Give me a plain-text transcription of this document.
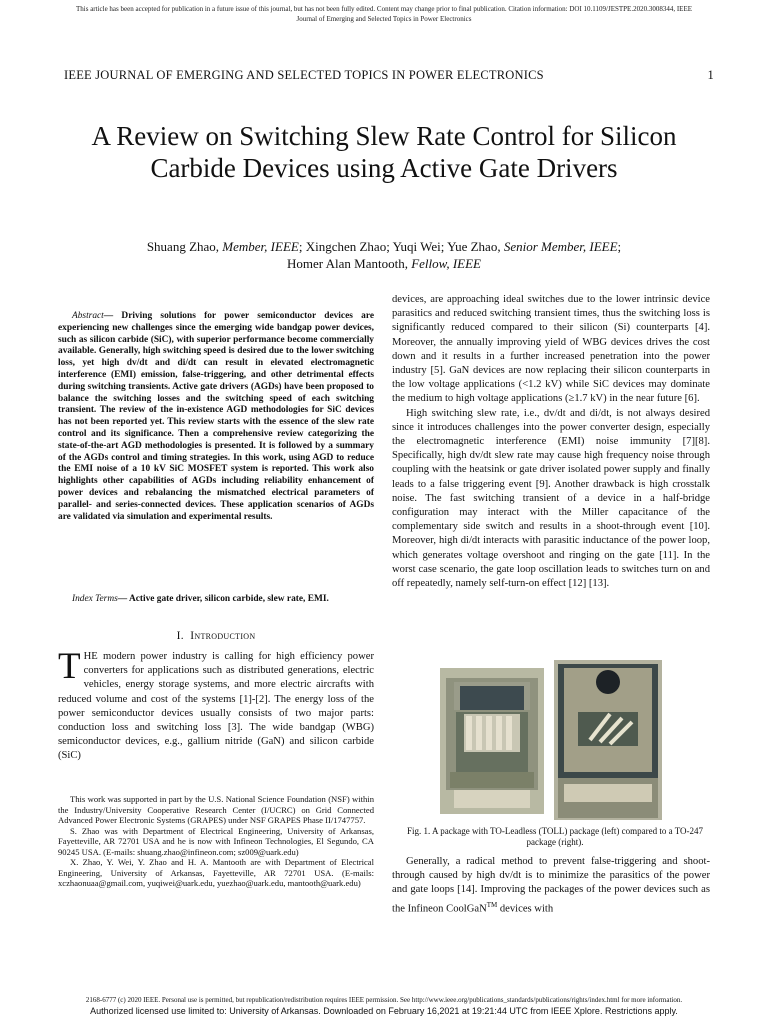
This article has been accepted for publication in a future issue of this journal, but has not been fully edited. Content may change prior to final publication. Citation information: DOI 10.1109/JESTPE.2020.3008344, IEEE
Journal of Emerging and Selected Topics in Power Electronics
IEEE JOURNAL OF EMERGING AND SELECTED TOPICS IN POWER ELECTRONICS	1
A Review on Switching Slew Rate Control for Silicon Carbide Devices using Active Gate Drivers
Shuang Zhao, Member, IEEE; Xingchen Zhao; Yuqi Wei; Yue Zhao, Senior Member, IEEE;
Homer Alan Mantooth, Fellow, IEEE
Abstract— Driving solutions for power semiconductor devices are experiencing new challenges since the emerging wide bandgap power devices, such as silicon carbide (SiC), with superior performance become commercially available. Generally, high switching speed is desired due to the lower switching loss, yet high dv/dt and di/dt can result in elevated electromagnetic interference (EMI) emission, false-triggering, and other detrimental effects during switching transients. Active gate drivers (AGDs) have been proposed to balance the switching losses and the switching speed of each switching transient. The review of the in-existence AGD methodologies for SiC devices has not been reported yet. This review starts with the essence of the slew rate control and its significance. Then a comprehensive review categorizing the state-of-the-art AGD methodologies is presented. It is followed by a summary of the AGDs control and timing strategies. In this work, using AGD to reduce the EMI noise of a 10 kV SiC MOSFET system is reported. This work also highlights other capabilities of AGDs including reliability enhancement of power devices and rebalancing the mismatched electrical parameters of parallel- and series-connected devices. These application scenarios of AGDs are validated via simulation and experimental results.
Index Terms— Active gate driver, silicon carbide, slew rate, EMI.
I. Introduction
THE modern power industry is calling for high efficiency power converters for applications such as distributed generations, electric vehicles, energy storage systems, and more electric aircrafts with reduced volume and cost of the systems [1]-[2]. The energy loss of the power semiconductor devices usually consists of two major parts: conduction loss and switching loss [3]. The wide bandgap (WBG) semiconductor devices, e.g., gallium nitride (GaN) and silicon carbide (SiC)

This work was supported in part by the U.S. National Science Foundation (NSF) within the Industry/University Cooperative Research Center (I/UCRC) on Grid Connected Advanced Power Electronic Systems (GRAPES) under NSF GRAPES Phase II/1747757.

S. Zhao was with Department of Electrical Engineering, University of Arkansas, Fayetteville, AR 72701 USA and he is now with Infineon Technologies, El Segundo, CA 90245 USA. (E-mails: shuang.zhao@infineon.com; sz009@uark.edu)

X. Zhao, Y. Wei, Y. Zhao and H. A. Mantooth are with Department of Electrical Engineering, University of Arkansas, Fayetteville, AR 72701 USA. (E-mails: xczhaonuaa@gmail.com, yuqiwei@uark.edu, yuezhao@uark.edu, mantooth@uark.edu)

devices, are approaching ideal switches due to the lower intrinsic device parasitics and reduced switching transient times, thus the switching loss is significantly reduced compared to their silicon (Si) counterparts [4]. Moreover, the annually improving yield of WBG devices drives the cost down and it results in a further increased penetration into the power industry [5]. GaN devices are now replacing their silicon counterparts in the low voltage applications (<1.2 kV) while SiC devices may dominate the medium to high voltage applications (≥1.7 kV) in the near future [6].

High switching slew rate, i.e., dv/dt and di/dt, is not always desired since it introduces challenges into the power converter design, especially the electromagnetic interference (EMI) noise immunity [7][8]. Specifically, high dv/dt slew rate may cause high frequency noise through coupling with the heatsink or gate driver isolated power supply and finally leads to a false triggering event [9]. Another drawback is high crosstalk noise. The fast switching transient of a device in a half-bridge configuration may interact with the Miller capacitance of the complementary side switch and results in a shoot-through event [10]. Moreover, high di/dt interacts with parasitic inductance of the power loop, which generates voltage overshoot and ringing on the gate [11]. In the worst case scenario, the gate loop oscillation leads to switches turn on and off repeatedly, namely self-turn-on effect [12] [13].

Fig. 1. A package with TO-Leadless (TOLL) package (left) compared to a TO-247 package (right).

Generally, a radical method to prevent false-triggering and shoot-through caused by high dv/dt is to minimize the parasitics of the power and gate loops [14]. Improving the packages of the power devices such as the Infineon CoolGaN™ devices with

2168-6777 (c) 2020 IEEE. Personal use is permitted, but republication/redistribution requires IEEE permission. See http://www.ieee.org/publications_standards/publications/rights/index.html for more information.
Authorized licensed use limited to: University of Arkansas. Downloaded on February 16,2021 at 19:21:44 UTC from IEEE Xplore. Restrictions apply.
